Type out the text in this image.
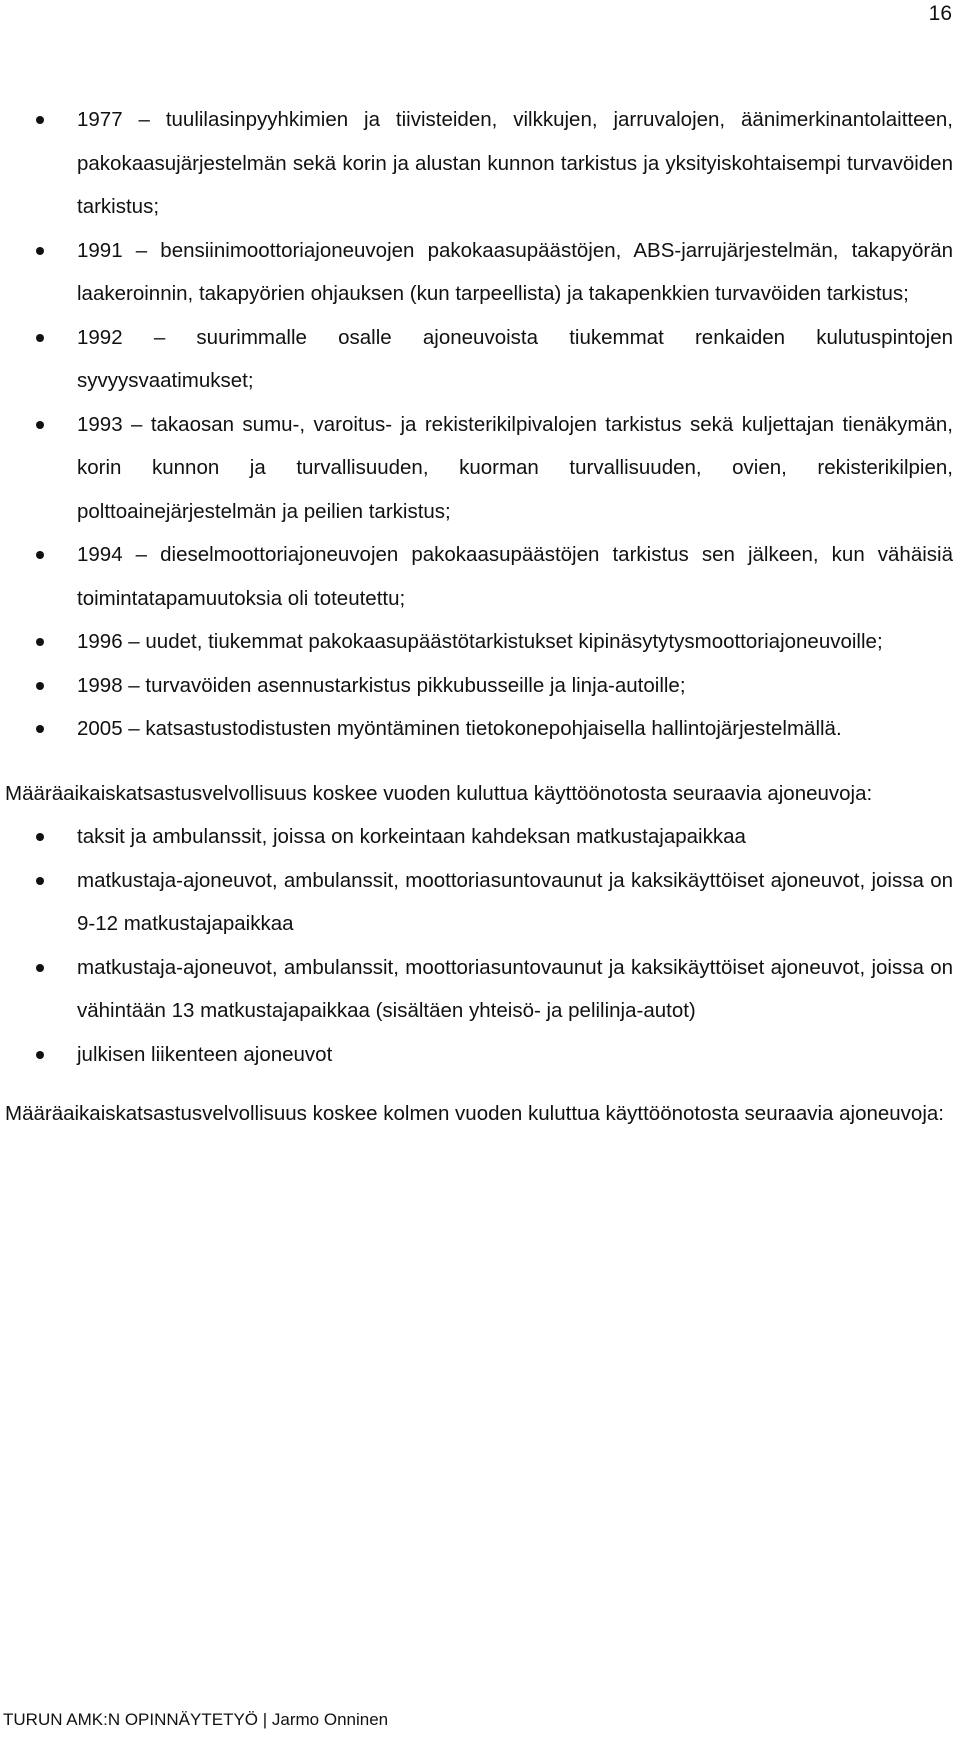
16
1977 – tuulilasinpyyhkimien ja tiivisteiden, vilkkujen, jarruvalojen, äänimerkinantolaitteen, pakokaasujärjestelmän sekä korin ja alustan kunnon tarkistus ja yksityiskohtaisempi turvavöiden tarkistus;
1991 – bensiinimoottoriajoneuvojen pakokaasupäästöjen, ABS-jarrujärjestelmän, takapyörän laakeroinnin, takapyörien ohjauksen (kun tarpeellista) ja takapenkkien turvavöiden tarkistus;
1992 – suurimmalle osalle ajoneuvoista tiukemmat renkaiden kulutuspintojen syvyysvaatimukset;
1993 – takaosan sumu-, varoitus- ja rekisterikilpivalojen tarkistus sekä kuljettajan tienäkymän, korin kunnon ja turvallisuuden, kuorman turvallisuuden, ovien, rekisterikilpien, polttoainejärjestelmän ja peilien tarkistus;
1994 – dieselmoottoriajoneuvojen pakokaasupäästöjen tarkistus sen jälkeen, kun vähäisiä toimintatapamuutoksia oli toteutettu;
1996 – uudet, tiukemmat pakokaasupäästötarkistukset kipinäsytytysmoottoriajoneuvoille;
1998 – turvavöiden asennustarkistus pikkubusseille ja linja-autoille;
2005 – katsastustodistusten myöntäminen tietokonepohjaisella hallintojärjestelmällä.

Määräaikaiskatsastusvelvollisuus koskee vuoden kuluttua käyttöönotosta seuraavia ajoneuvoja:

taksit ja ambulanssit, joissa on korkeintaan kahdeksan matkustajapaikkaa
matkustaja-ajoneuvot, ambulanssit, moottoriasuntovaunut ja kaksikäyttöiset ajoneuvot, joissa on 9-12 matkustajapaikkaa
matkustaja-ajoneuvot, ambulanssit, moottoriasuntovaunut ja kaksikäyttöiset ajoneuvot, joissa on vähintään 13 matkustajapaikkaa (sisältäen yhteisö- ja pelilinja-autot)
julkisen liikenteen ajoneuvot

Määräaikaiskatsastusvelvollisuus koskee kolmen vuoden kuluttua käyttöönotosta seuraavia ajoneuvoja:

TURUN AMK:N OPINNÄYTETYÖ | Jarmo Onninen
